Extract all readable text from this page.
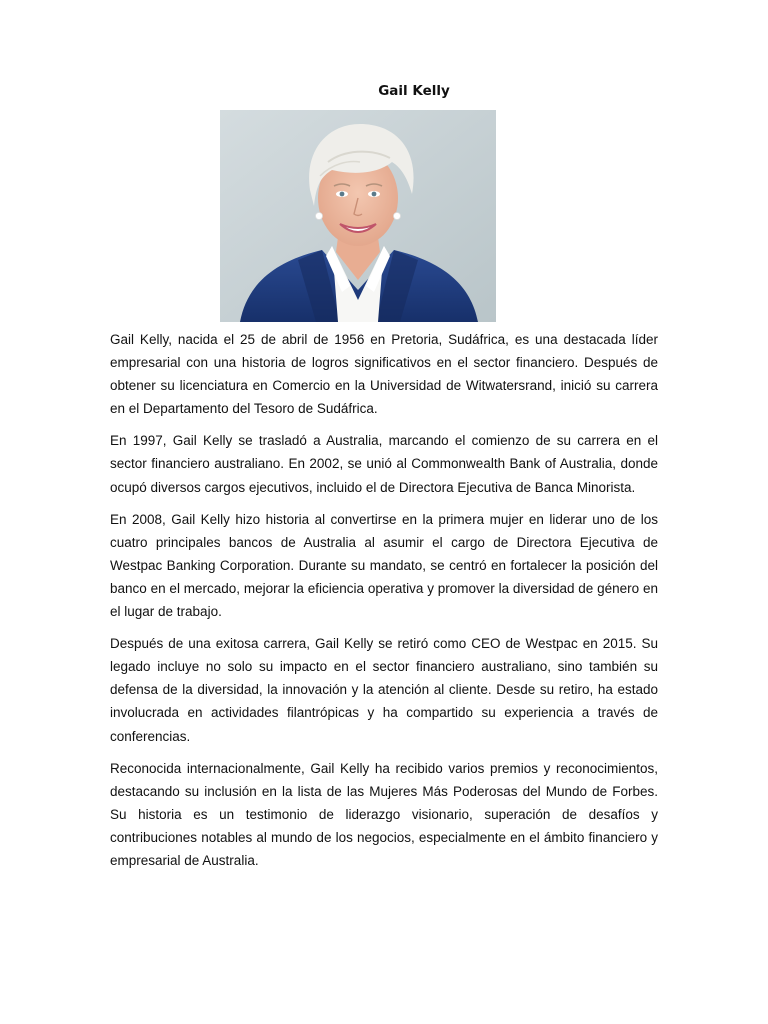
Gail Kelly

Gail Kelly, nacida el 25 de abril de 1956 en Pretoria, Sudáfrica, es una destacada líder empresarial con una historia de logros significativos en el sector financiero. Después de obtener su licenciatura en Comercio en la Universidad de Witwatersrand, inició su carrera en el Departamento del Tesoro de Sudáfrica.

En 1997, Gail Kelly se trasladó a Australia, marcando el comienzo de su carrera en el sector financiero australiano. En 2002, se unió al Commonwealth Bank of Australia, donde ocupó diversos cargos ejecutivos, incluido el de Directora Ejecutiva de Banca Minorista.

En 2008, Gail Kelly hizo historia al convertirse en la primera mujer en liderar uno de los cuatro principales bancos de Australia al asumir el cargo de Directora Ejecutiva de Westpac Banking Corporation. Durante su mandato, se centró en fortalecer la posición del banco en el mercado, mejorar la eficiencia operativa y promover la diversidad de género en el lugar de trabajo.

Después de una exitosa carrera, Gail Kelly se retiró como CEO de Westpac en 2015. Su legado incluye no solo su impacto en el sector financiero australiano, sino también su defensa de la diversidad, la innovación y la atención al cliente. Desde su retiro, ha estado involucrada en actividades filantrópicas y ha compartido su experiencia a través de conferencias.

Reconocida internacionalmente, Gail Kelly ha recibido varios premios y reconocimientos, destacando su inclusión en la lista de las Mujeres Más Poderosas del Mundo de Forbes. Su historia es un testimonio de liderazgo visionario, superación de desafíos y contribuciones notables al mundo de los negocios, especialmente en el ámbito financiero y empresarial de Australia.
